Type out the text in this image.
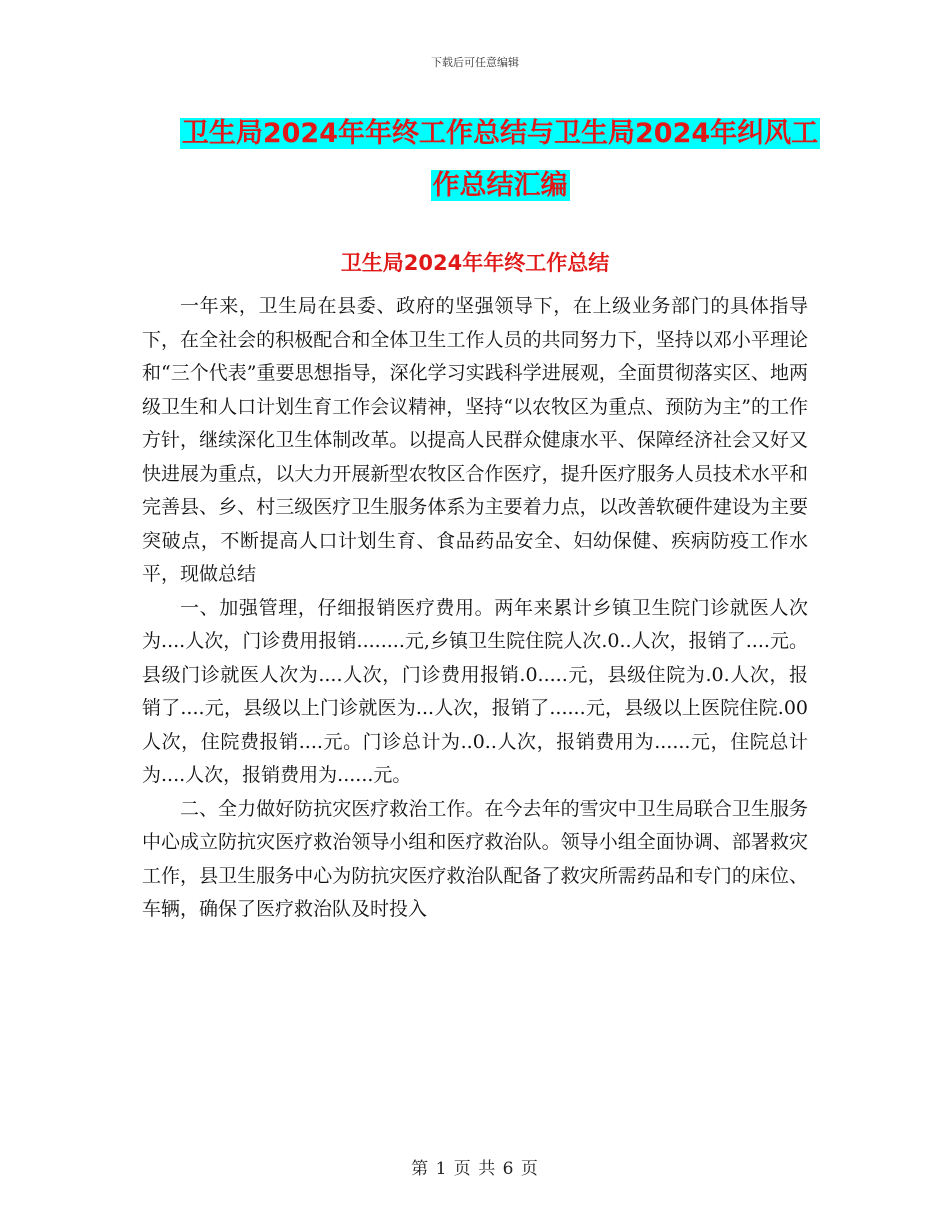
下载后可任意编辑
卫生局2024年年终工作总结与卫生局2024年纠风工
作总结汇编
卫生局2024年年终工作总结

一年来，卫生局在县委、政府的坚强领导下，在上级业务部门的具体指导下，在全社会的积极配合和全体卫生工作人员的共同努力下，坚持以邓小平理论和“三个代表”重要思想指导，深化学习实践科学进展观，全面贯彻落实区、地两级卫生和人口计划生育工作会议精神，坚持“以农牧区为重点、预防为主”的工作方针，继续深化卫生体制改革。以提高人民群众健康水平、保障经济社会又好又快进展为重点，以大力开展新型农牧区合作医疗，提升医疗服务人员技术水平和完善县、乡、村三级医疗卫生服务体系为主要着力点，以改善软硬件建设为主要突破点，不断提高人口计划生育、食品药品安全、妇幼保健、疾病防疫工作水平，现做总结

一、加强管理，仔细报销医疗费用。两年来累计乡镇卫生院门诊就医人次为....人次，门诊费用报销........元,乡镇卫生院住院人次.0..人次，报销了....元。县级门诊就医人次为....人次，门诊费用报销.0.....元，县级住院为.0.人次，报销了....元，县级以上门诊就医为...人次，报销了......元，县级以上医院住院.00人次，住院费报销....元。门诊总计为..0..人次，报销费用为......元，住院总计为....人次，报销费用为......元。

二、全力做好防抗灾医疗救治工作。在今去年的雪灾中卫生局联合卫生服务中心成立防抗灾医疗救治领导小组和医疗救治队。领导小组全面协调、部署救灾工作，县卫生服务中心为防抗灾医疗救治队配备了救灾所需药品和专门的床位、车辆，确保了医疗救治队及时投入

第 1 页 共 6 页
